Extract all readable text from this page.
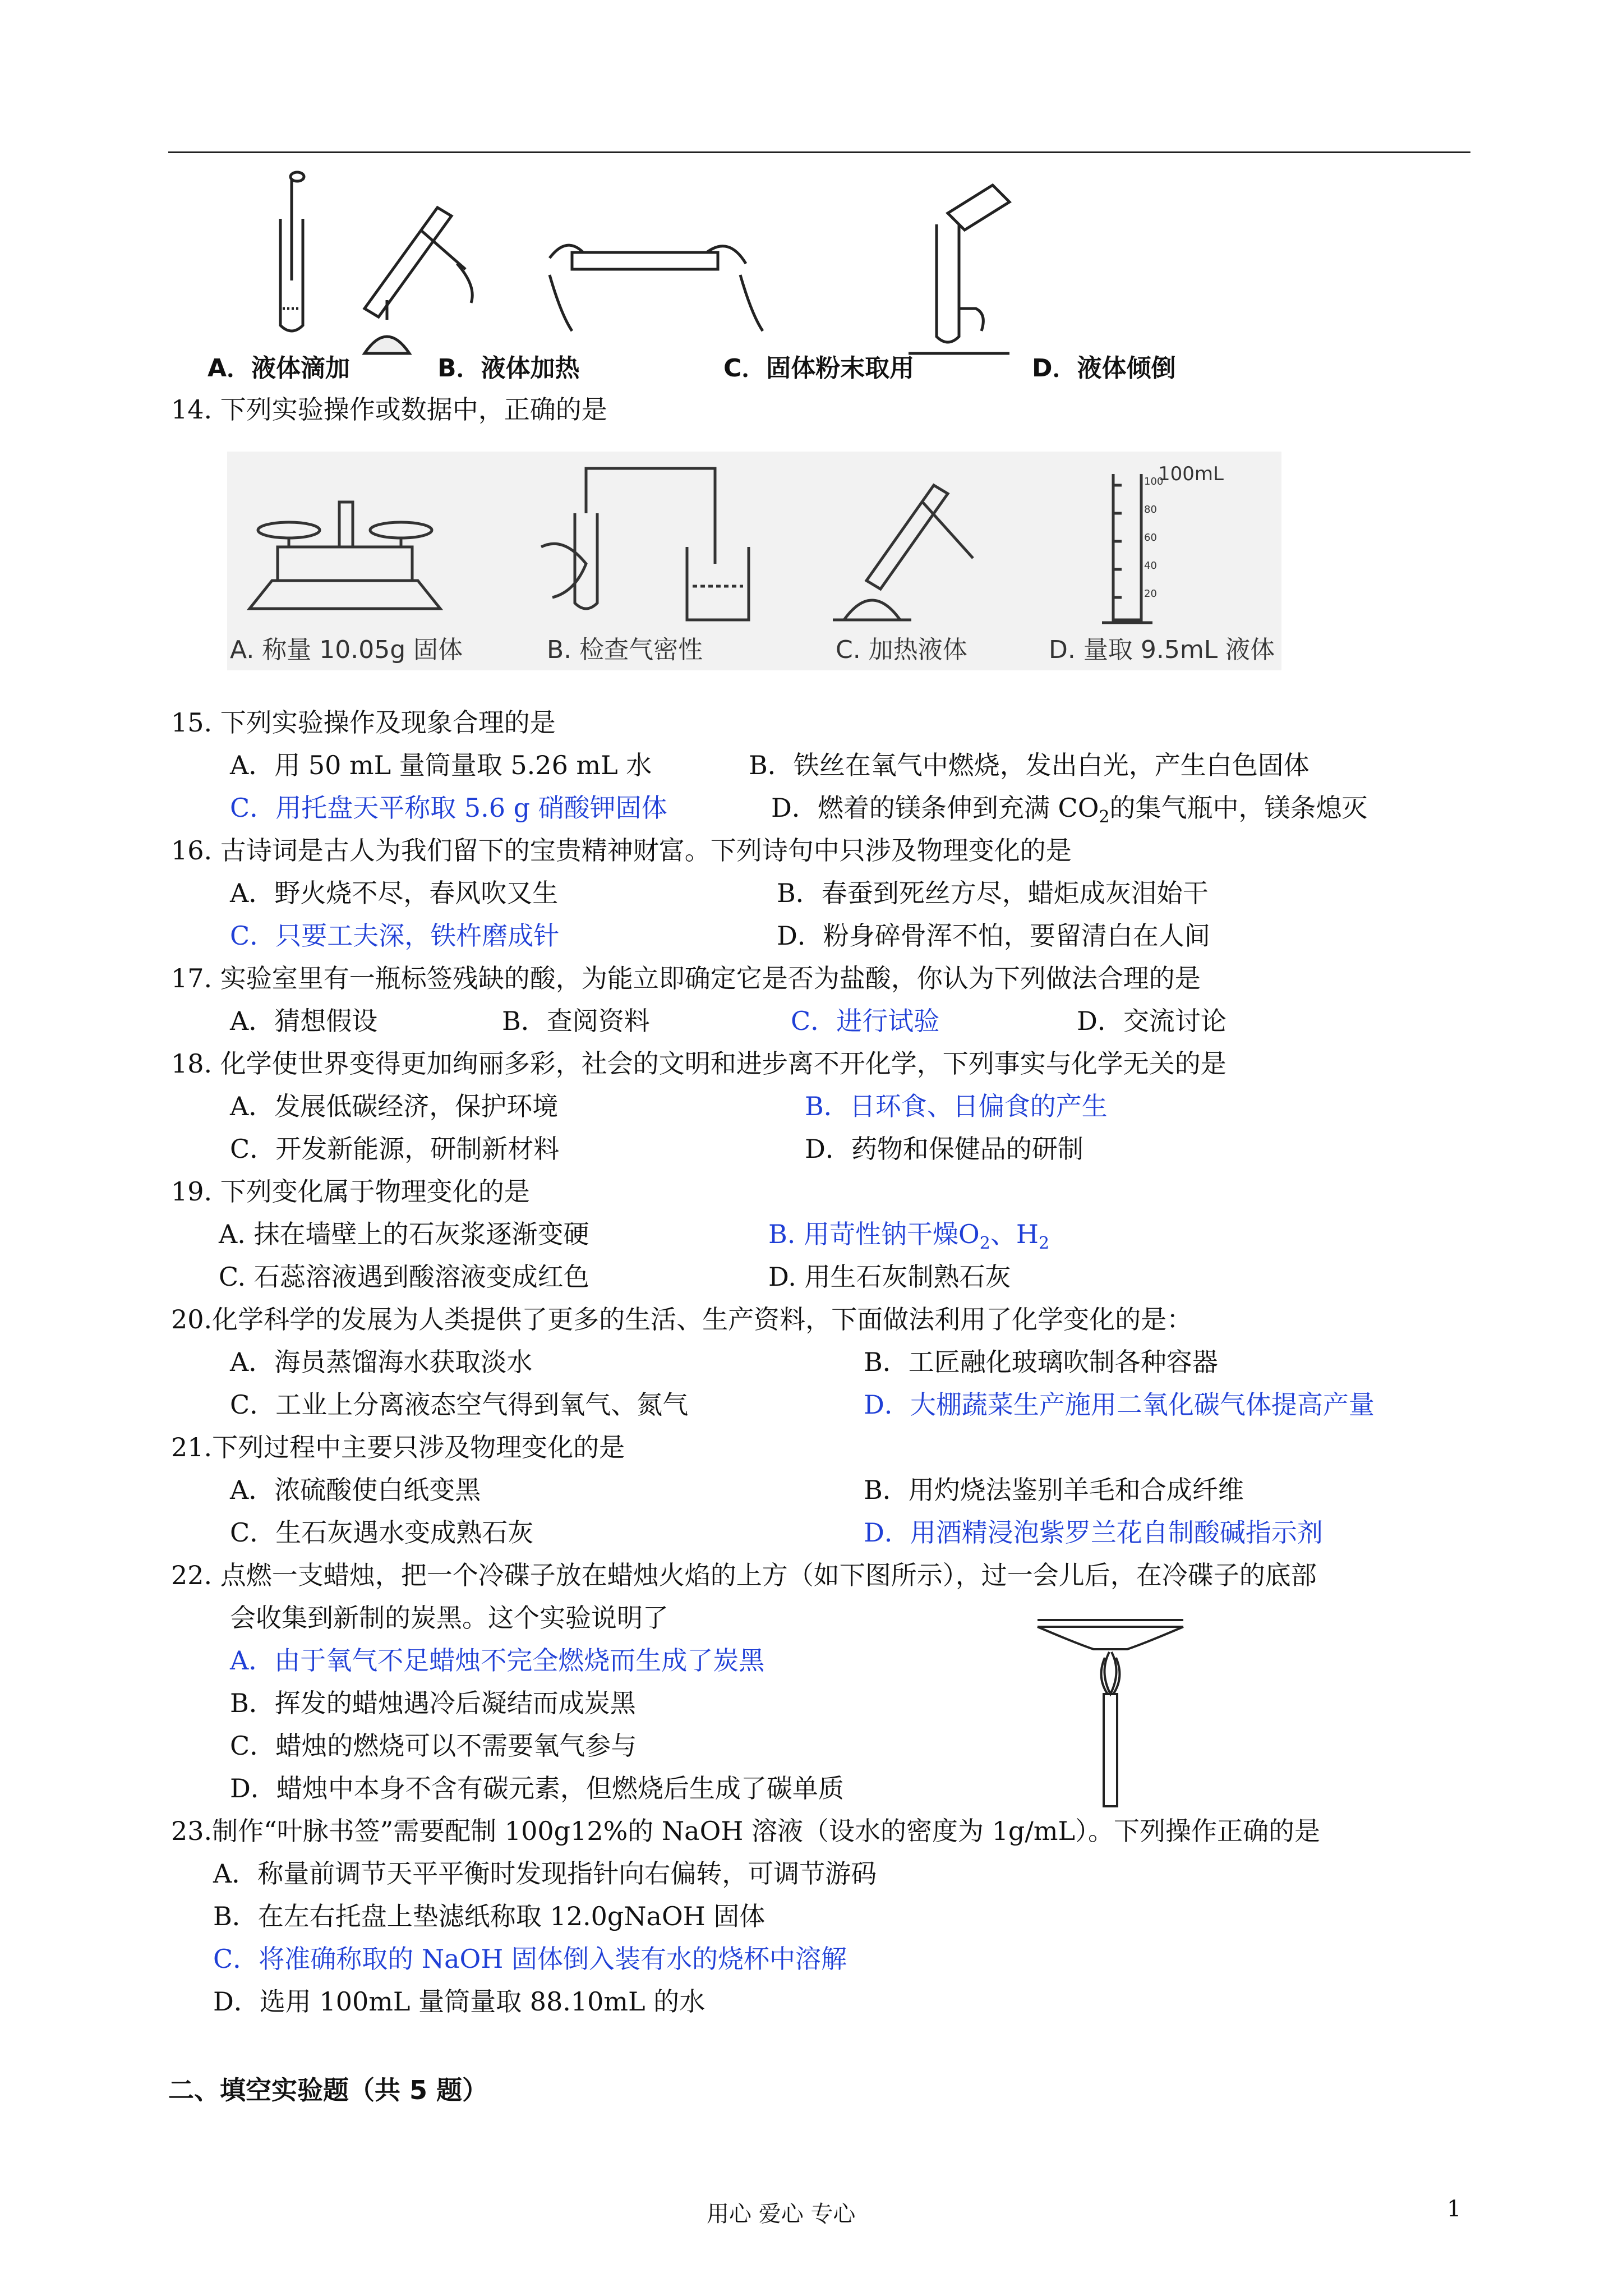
A．液体滴加	B．液体加热	C．固体粉末取用	D．液体倾倒
14. 下列实验操作或数据中，正确的是
100mL
100
80
60
40
20
A. 称量 10.05g 固体	B. 检查气密性	C. 加热液体	D. 量取 9.5mL 液体
15. 下列实验操作及现象合理的是
A．用 50 mL 量筒量取 5.26 mL 水	B．铁丝在氧气中燃烧，发出白光，产生白色固体
C．用托盘天平称取 5.6 g 硝酸钾固体	D．燃着的镁条伸到充满 $CO_2$的集气瓶中，镁条熄灭
16. 古诗词是古人为我们留下的宝贵精神财富。下列诗句中只涉及物理变化的是
A．野火烧不尽，春风吹又生	B．春蚕到死丝方尽，蜡炬成灰泪始干
C．只要工夫深，铁杵磨成针	D．粉身碎骨浑不怕，要留清白在人间
17. 实验室里有一瓶标签残缺的酸，为能立即确定它是否为盐酸，你认为下列做法合理的是
A．猜想假设	B．查阅资料	C．进行试验	D．交流讨论
18. 化学使世界变得更加绚丽多彩，社会的文明和进步离不开化学，下列事实与化学无关的是
A．发展低碳经济，保护环境	B．日环食、日偏食的产生
C．开发新能源，研制新材料	D．药物和保健品的研制
19. 下列变化属于物理变化的是
A. 抹在墙壁上的石灰浆逐渐变硬	B. 用苛性钠干燥$O_2$、$H_2$
C. 石蕊溶液遇到酸溶液变成红色	D. 用生石灰制熟石灰
20.化学科学的发展为人类提供了更多的生活、生产资料，下面做法利用了化学变化的是：
A．海员蒸馏海水获取淡水	B．工匠融化玻璃吹制各种容器
C．工业上分离液态空气得到氧气、氮气	D．大棚蔬菜生产施用二氧化碳气体提高产量
21.下列过程中主要只涉及物理变化的是
A．浓硫酸使白纸变黑	B．用灼烧法鉴别羊毛和合成纤维
C．生石灰遇水变成熟石灰	D．用酒精浸泡紫罗兰花自制酸碱指示剂
22. 点燃一支蜡烛，把一个冷碟子放在蜡烛火焰的上方（如下图所示），过一会儿后，在冷碟子的底部
会收集到新制的炭黑。这个实验说明了
A．由于氧气不足蜡烛不完全燃烧而生成了炭黑
B．挥发的蜡烛遇冷后凝结而成炭黑
C．蜡烛的燃烧可以不需要氧气参与
D．蜡烛中本身不含有碳元素，但燃烧后生成了碳单质
23.制作“叶脉书签”需要配制 100g12%的 NaOH 溶液（设水的密度为 1g/mL）。下列操作正确的是
A．称量前调节天平平衡时发现指针向右偏转，可调节游码
B．在左右托盘上垫滤纸称取 12.0gNaOH 固体
C．将准确称取的 NaOH 固体倒入装有水的烧杯中溶解
D．选用 100mL 量筒量取 88.10mL 的水
二、填空实验题（共 5 题）
用心 爱心 专心	1
